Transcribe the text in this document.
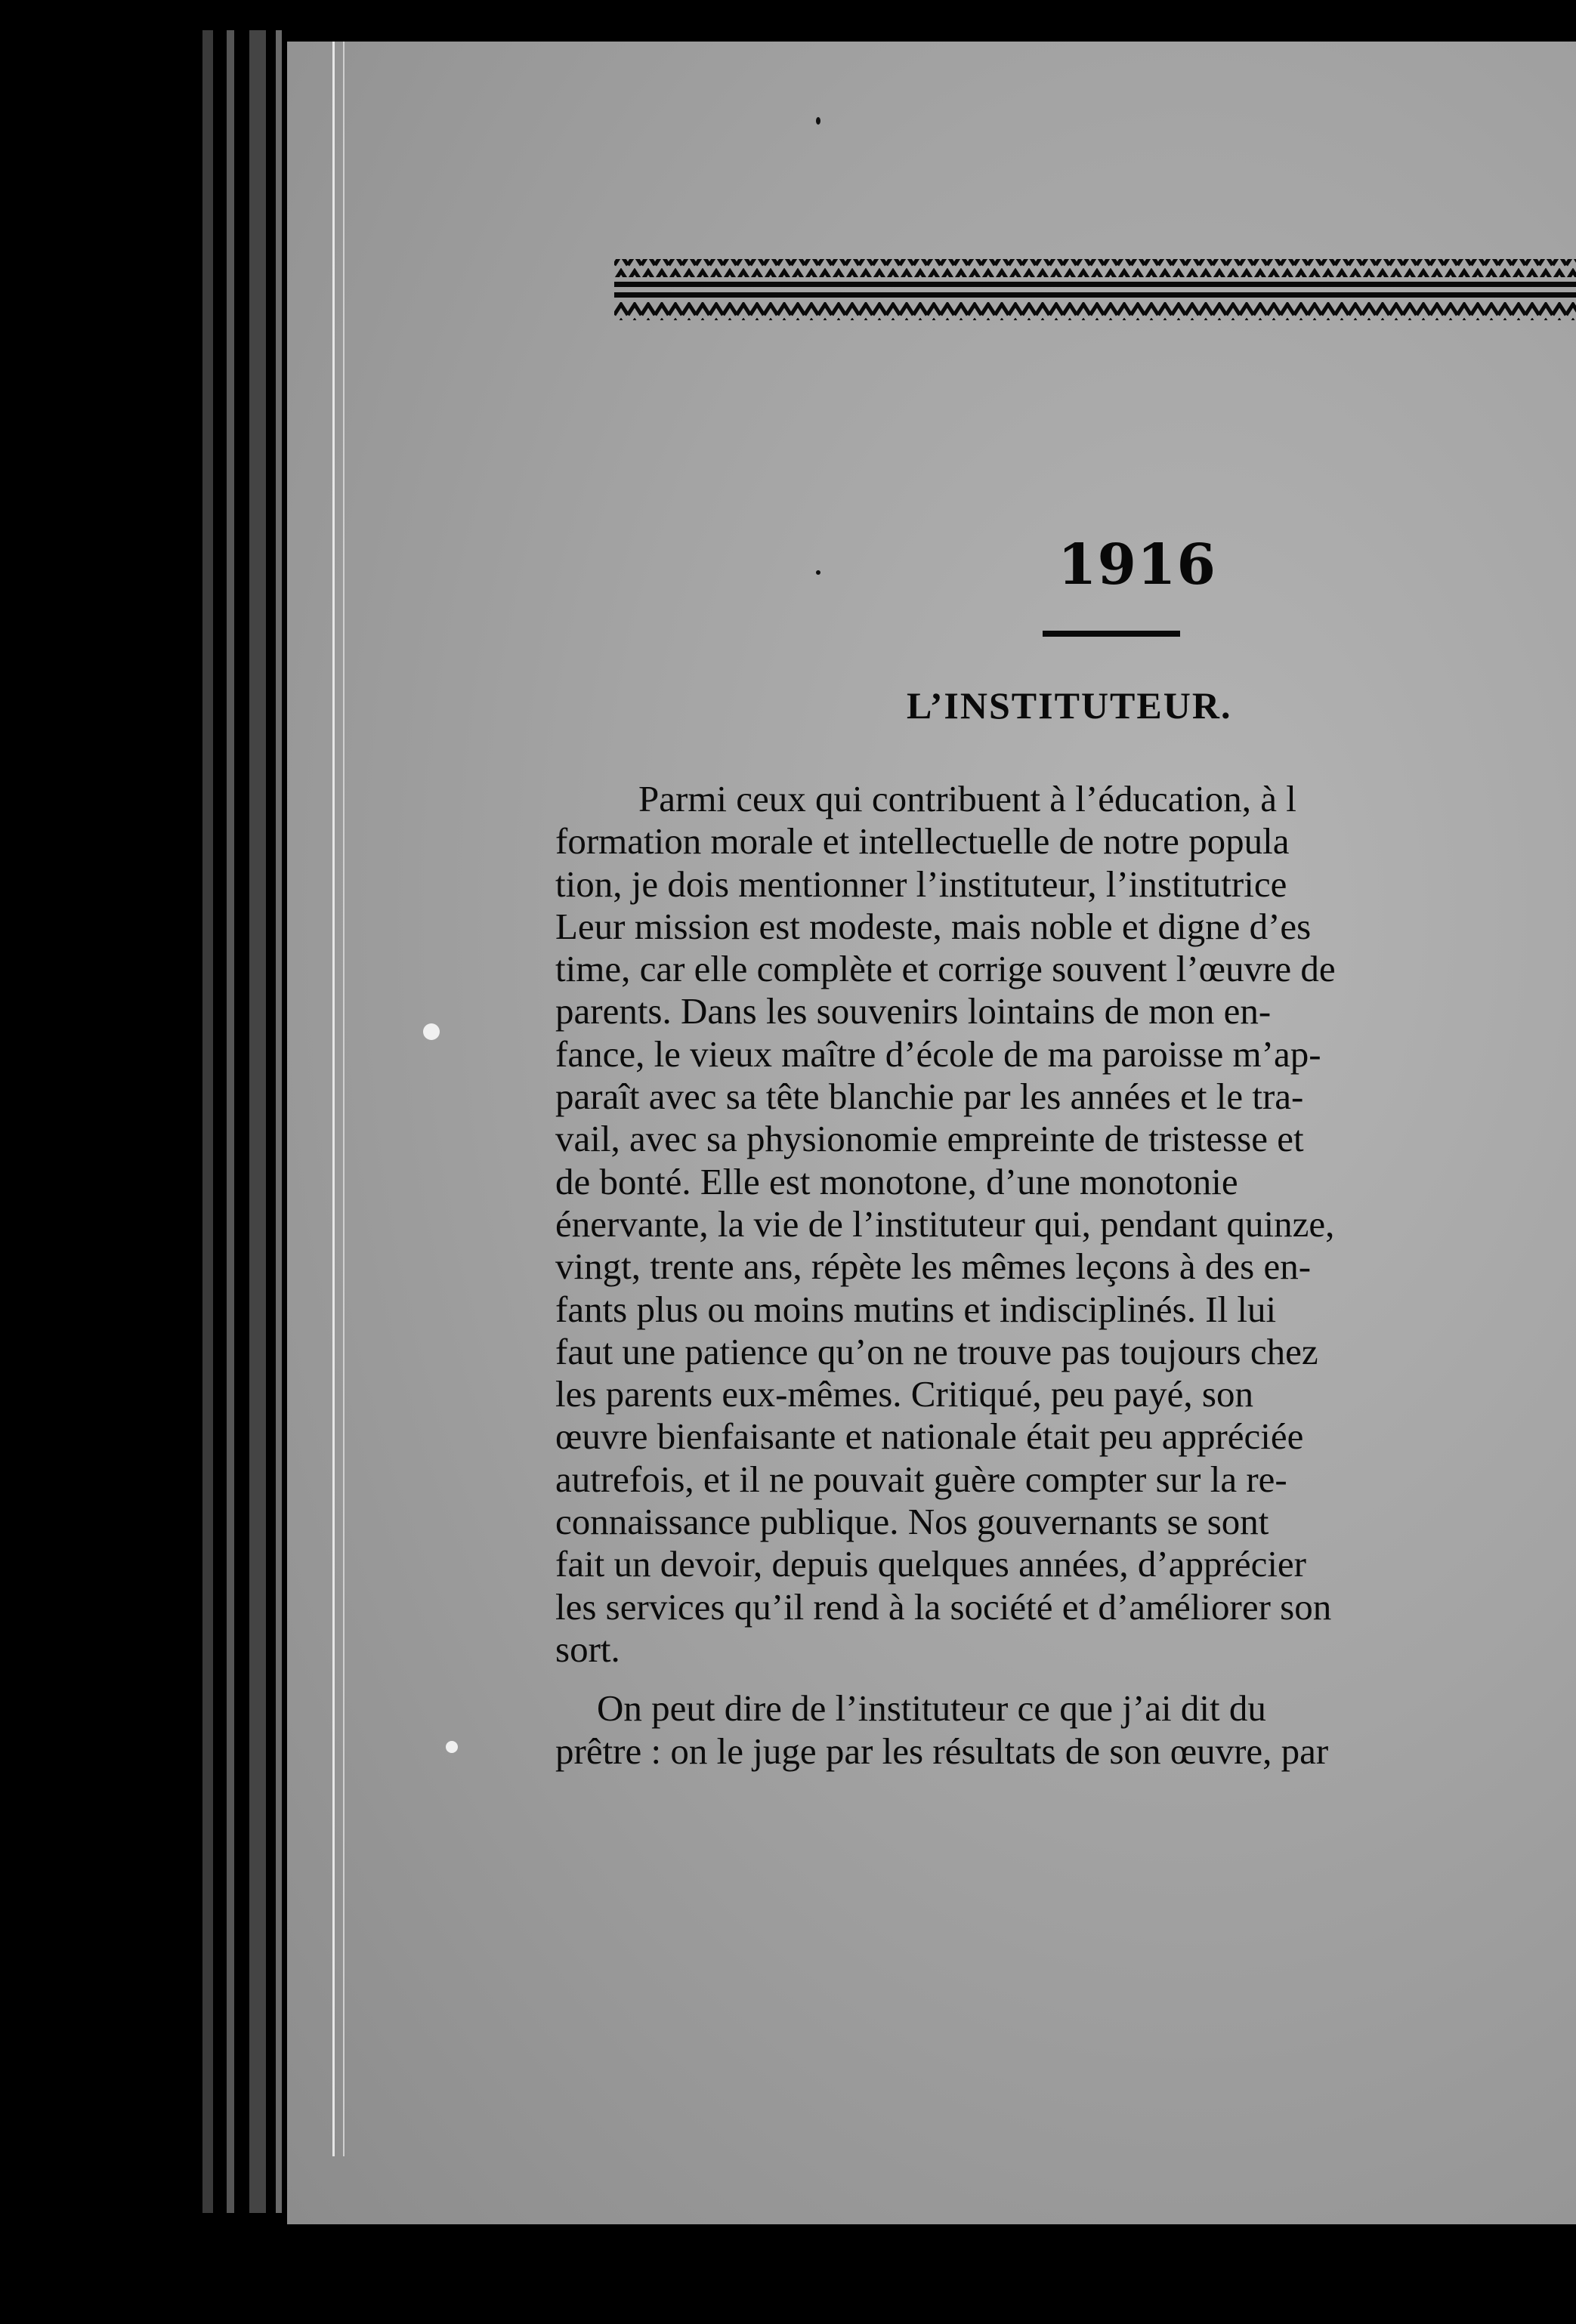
1916
L’INSTITUTEUR.
Parmi ceux qui contribuent à l’éducation, à l
formation morale et intellectuelle de notre popula
tion, je dois mentionner l’instituteur, l’institutrice
Leur mission est modeste, mais noble et digne d’es
time, car elle complète et corrige souvent l’œuvre de
parents. Dans les souvenirs lointains de mon en-
fance, le vieux maître d’école de ma paroisse m’ap-
paraît avec sa tête blanchie par les années et le tra-
vail, avec sa physionomie empreinte de tristesse et
de bonté. Elle est monotone, d’une monotonie
énervante, la vie de l’instituteur qui, pendant quinze,
vingt, trente ans, répète les mêmes leçons à des en-
fants plus ou moins mutins et indisciplinés. Il lui
faut une patience qu’on ne trouve pas toujours chez
les parents eux-mêmes. Critiqué, peu payé, son
œuvre bienfaisante et nationale était peu appréciée
autrefois, et il ne pouvait guère compter sur la re-
connaissance publique. Nos gouvernants se sont
fait un devoir, depuis quelques années, d’apprécier
les services qu’il rend à la société et d’améliorer son
sort.
On peut dire de l’instituteur ce que j’ai dit du
prêtre : on le juge par les résultats de son œuvre, par
